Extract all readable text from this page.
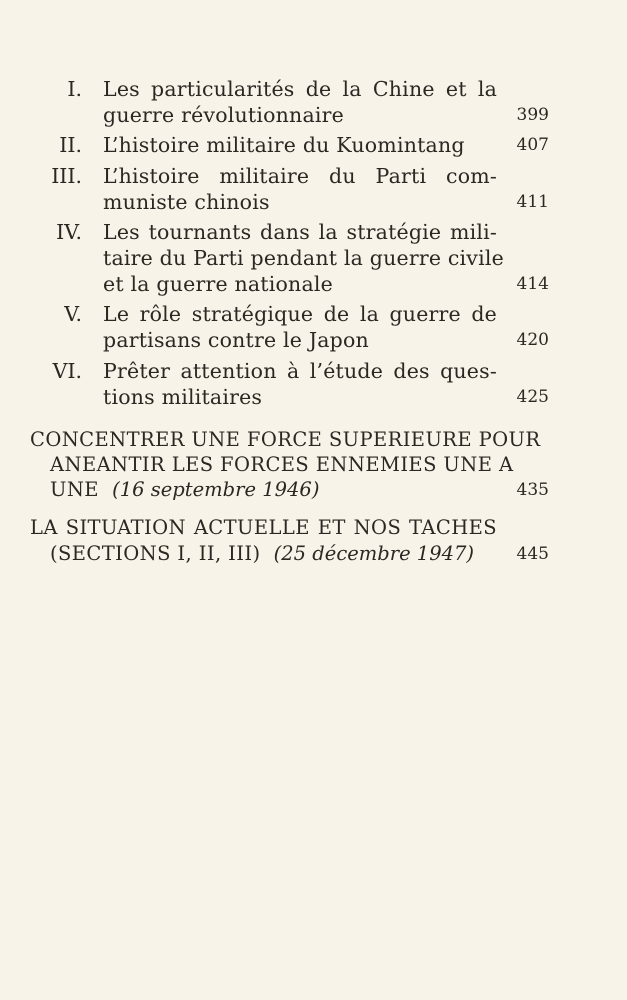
I. Les particularités de la Chine et la
guerre révolutionnaire	399
II. L’histoire militaire du Kuomintang	407
III. L’histoire militaire du Parti com-
muniste chinois	411
IV. Les tournants dans la stratégie mili-
taire du Parti pendant la guerre civile
et la guerre nationale	414
V. Le rôle stratégique de la guerre de
partisans contre le Japon	420
VI. Prêter attention à l’étude des ques-
tions militaires	425
CONCENTRER UNE FORCE SUPERIEURE POUR
ANEANTIR LES FORCES ENNEMIES UNE A
UNE (16 septembre 1946)	435
LA SITUATION ACTUELLE ET NOS TACHES
(SECTIONS I, II, III) (25 décembre 1947)	445
